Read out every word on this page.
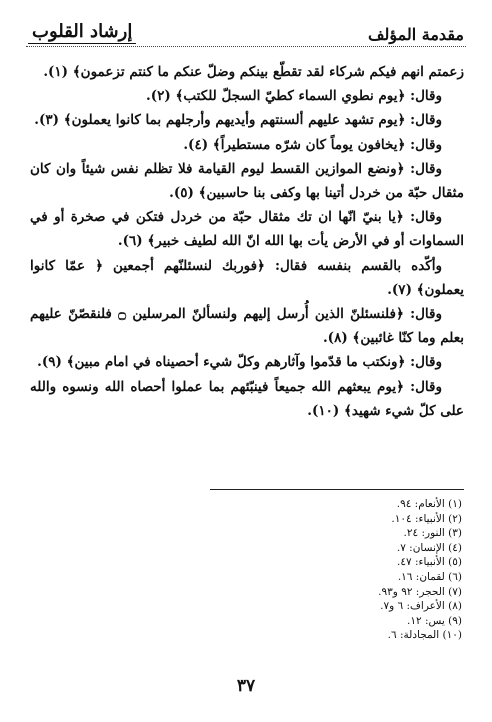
مقدمة المؤلف
إرشاد القلوب

زعمتم انهم فيكم شركاء لقد تقطّع بينكم وضلّ عنكم ما كنتم تزعمون﴾ (١).

وقال: ﴿يوم نطوي السماء كطيّ السجلّ للكتب﴾ (٢).

وقال: ﴿يوم تشهد عليهم ألسنتهم وأيديهم وأرجلهم بما كانوا يعملون﴾ (٣).

وقال: ﴿يخافون يوماً كان شرّه مستطيراً﴾ (٤).

وقال: ﴿ونضع الموازين القسط ليوم القيامة فلا تظلم نفس شيئاً وان كان مثقال حبّة من خردل أتينا بها وكفى بنا حاسبين﴾ (٥).

وقال: ﴿يا بنيّ انّها ان تك مثقال حبّة من خردل فتكن في صخرة أو في السماوات أو في الأرض يأت بها الله انّ الله لطيف خبير﴾ (٦).

وأكّده بالقسم بنفسه فقال: ﴿فوربك لنسئلنّهم أجمعين ﴿ عمّا كانوا يعملون﴾ (٧).

وقال: ﴿فلنسئلنّ الذين أُرسل إليهم ولنسألنّ المرسلين ۝ فلنقصّنّ عليهم بعلم وما كنّا غائبين﴾ (٨).

وقال: ﴿ونكتب ما قدّموا وآثارهم وكلّ شيء أحصيناه في امام مبين﴾ (٩).

وقال: ﴿يوم يبعثهم الله جميعاً فينبّئهم بما عملوا أحصاه الله ونسوه والله على كلّ شيء شهيد﴾ (١٠).

(١) الأنعام: ٩٤.
(٢) الأنبياء: ١٠٤.
(٣) النور: ٢٤.
(٤) الإنسان: ٧.
(٥) الأنبياء: ٤٧.
(٦) لقمان: ١٦.
(٧) الحجر: ٩٢ و٩٣.
(٨) الأعراف: ٦ و٧.
(٩) يس: ١٢.
(١٠) المجادلة: ٦.
٣٧
